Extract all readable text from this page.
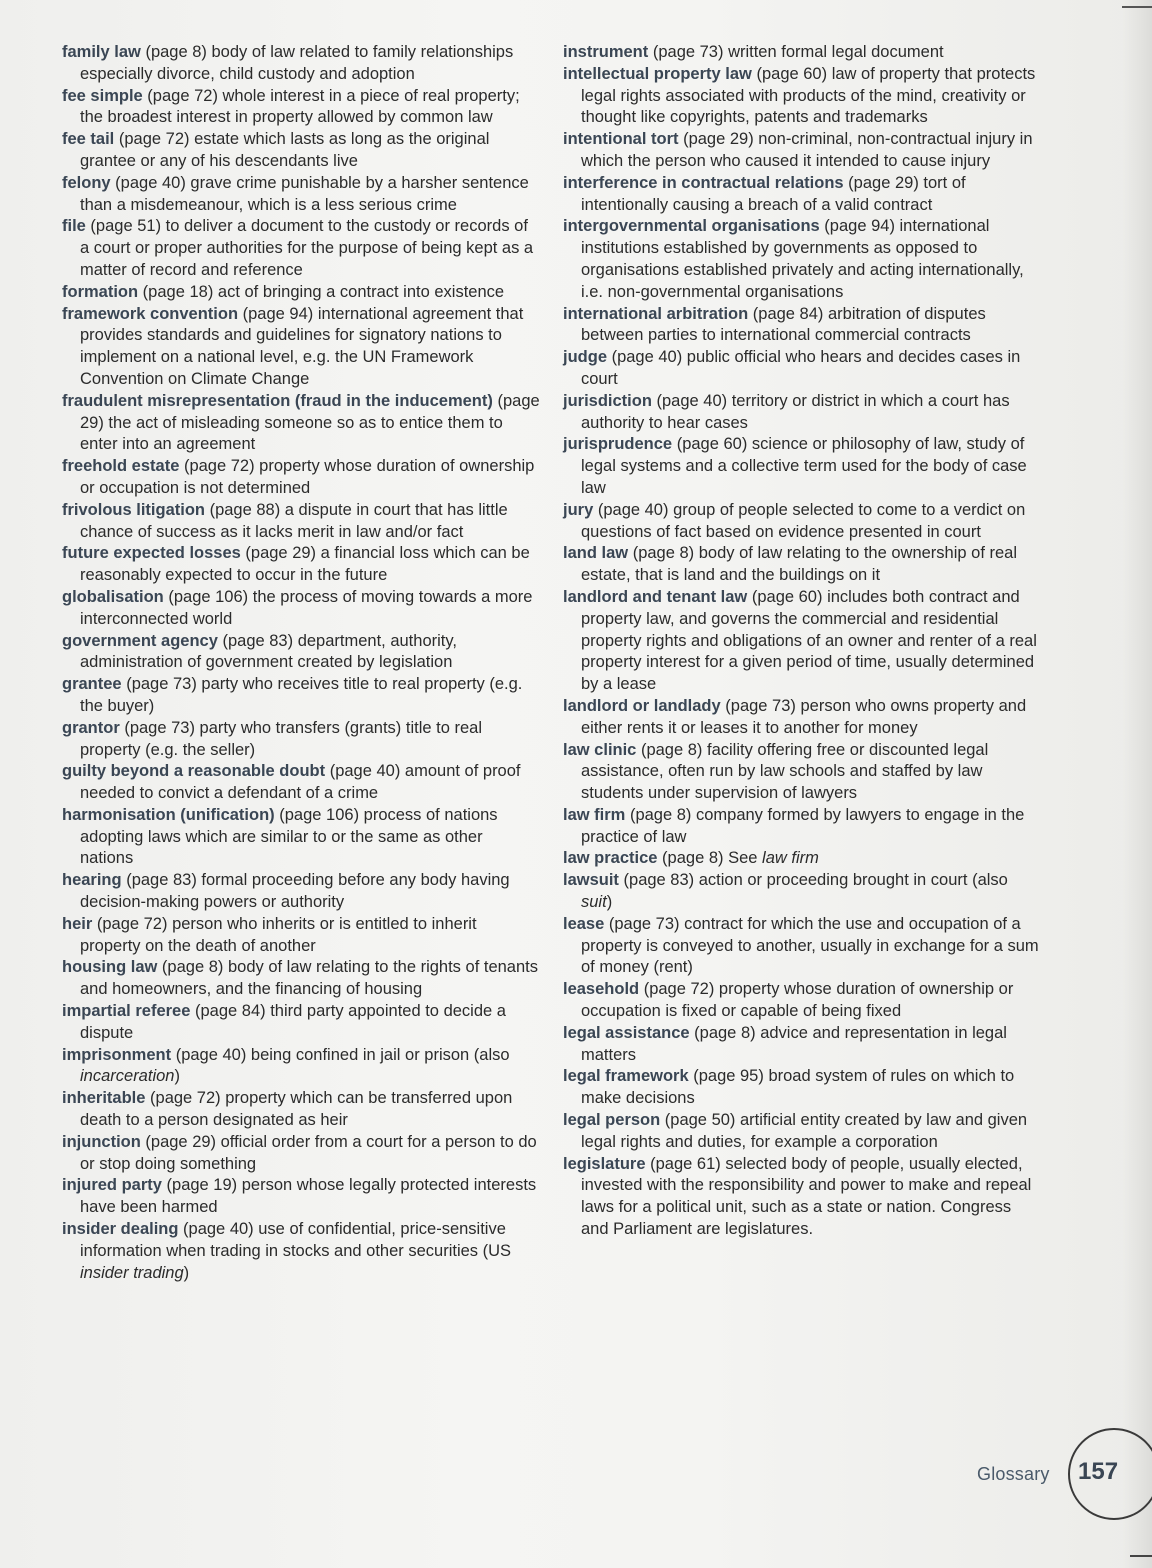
family law (page 8) body of law related to family relationships especially divorce, child custody and adoption

fee simple (page 72) whole interest in a piece of real property; the broadest interest in property allowed by common law

fee tail (page 72) estate which lasts as long as the original grantee or any of his descendants live

felony (page 40) grave crime punishable by a harsher sentence than a misdemeanour, which is a less serious crime

file (page 51) to deliver a document to the custody or records of a court or proper authorities for the purpose of being kept as a matter of record and reference

formation (page 18) act of bringing a contract into existence

framework convention (page 94) international agreement that provides standards and guidelines for signatory nations to implement on a national level, e.g. the UN Framework Convention on Climate Change

fraudulent misrepresentation (fraud in the inducement) (page 29) the act of misleading someone so as to entice them to enter into an agreement

freehold estate (page 72) property whose duration of ownership or occupation is not determined

frivolous litigation (page 88) a dispute in court that has little chance of success as it lacks merit in law and/or fact

future expected losses (page 29) a financial loss which can be reasonably expected to occur in the future

globalisation (page 106) the process of moving towards a more interconnected world

government agency (page 83) department, authority, administration of government created by legislation

grantee (page 73) party who receives title to real property (e.g. the buyer)

grantor (page 73) party who transfers (grants) title to real property (e.g. the seller)

guilty beyond a reasonable doubt (page 40) amount of proof needed to convict a defendant of a crime

harmonisation (unification) (page 106) process of nations adopting laws which are similar to or the same as other nations

hearing (page 83) formal proceeding before any body having decision-making powers or authority

heir (page 72) person who inherits or is entitled to inherit property on the death of another

housing law (page 8) body of law relating to the rights of tenants and homeowners, and the financing of housing

impartial referee (page 84) third party appointed to decide a dispute

imprisonment (page 40) being confined in jail or prison (also incarceration)

inheritable (page 72) property which can be transferred upon death to a person designated as heir

injunction (page 29) official order from a court for a person to do or stop doing something

injured party (page 19) person whose legally protected interests have been harmed

insider dealing (page 40) use of confidential, price-sensitive information when trading in stocks and other securities (US insider trading)

instrument (page 73) written formal legal document

intellectual property law (page 60) law of property that protects legal rights associated with products of the mind, creativity or thought like copyrights, patents and trademarks

intentional tort (page 29) non-criminal, non-contractual injury in which the person who caused it intended to cause injury

interference in contractual relations (page 29) tort of intentionally causing a breach of a valid contract

intergovernmental organisations (page 94) international institutions established by governments as opposed to organisations established privately and acting internationally, i.e. non-governmental organisations

international arbitration (page 84) arbitration of disputes between parties to international commercial contracts

judge (page 40) public official who hears and decides cases in court

jurisdiction (page 40) territory or district in which a court has authority to hear cases

jurisprudence (page 60) science or philosophy of law, study of legal systems and a collective term used for the body of case law

jury (page 40) group of people selected to come to a verdict on questions of fact based on evidence presented in court

land law (page 8) body of law relating to the ownership of real estate, that is land and the buildings on it

landlord and tenant law (page 60) includes both contract and property law, and governs the commercial and residential property rights and obligations of an owner and renter of a real property interest for a given period of time, usually determined by a lease

landlord or landlady (page 73) person who owns property and either rents it or leases it to another for money

law clinic (page 8) facility offering free or discounted legal assistance, often run by law schools and staffed by law students under supervision of lawyers

law firm (page 8) company formed by lawyers to engage in the practice of law

law practice (page 8) See law firm

lawsuit (page 83) action or proceeding brought in court (also suit)

lease (page 73) contract for which the use and occupation of a property is conveyed to another, usually in exchange for a sum of money (rent)

leasehold (page 72) property whose duration of ownership or occupation is fixed or capable of being fixed

legal assistance (page 8) advice and representation in legal matters

legal framework (page 95) broad system of rules on which to make decisions

legal person (page 50) artificial entity created by law and given legal rights and duties, for example a corporation

legislature (page 61) selected body of people, usually elected, invested with the responsibility and power to make and repeal laws for a political unit, such as a state or nation. Congress and Parliament are legislatures.

Glossary 157
